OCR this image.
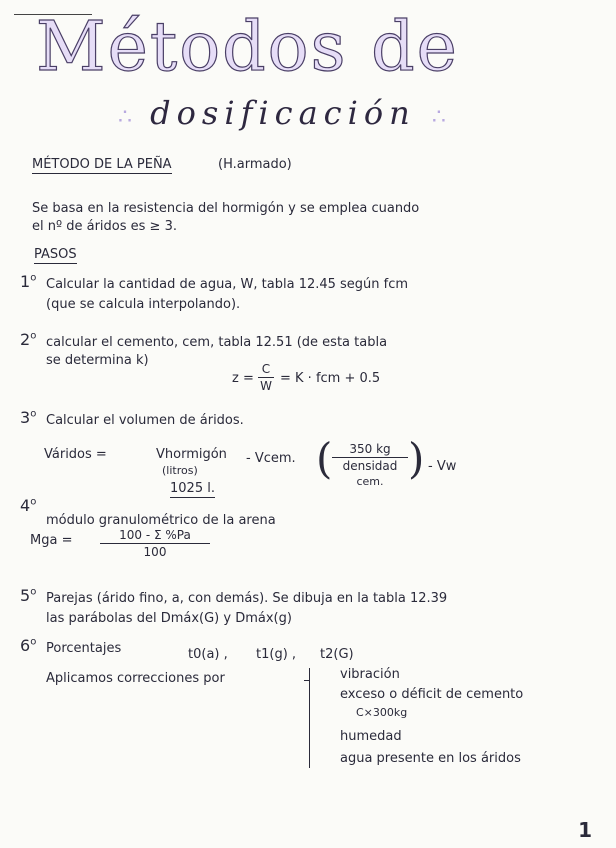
Métodos de
∴ dosificación ∴
MÉTODO DE LA PEÑA	(H.armado)
Se basa en la resistencia del hormigón y se emplea cuando
el nº de áridos es ≥ 3.
PASOS
1$^o$ Calcular la cantidad de agua, W, tabla 12.45 según fcm
(que se calcula interpolando).
2$^o$ calcular el cemento, cem, tabla 12.51 (de esta tabla
se determina k)
z =
C
W = K · fcm + 0.5
3$^o$ Calcular el volumen de áridos.
Váridos =	Vhormigón
(litros)
1025 l.
- Vcem. (	350 kg
densidad
cem. ) - Vw
4$^o$
módulo granulométrico de la arena
Mga =	100 - Σ %Pa
100
5$^o$ Parejas (árido fino, a, con demás). Se dibuja en la tabla 12.39
las parábolas del Dmáx(G) y Dmáx(g)
6$^o$ Porcentajes	t0(a) , t1(g) , t2(G)
Aplicamos correcciones por	vibración
exceso o déficit de cemento
C×300kg
humedad
agua presente en los áridos
1
